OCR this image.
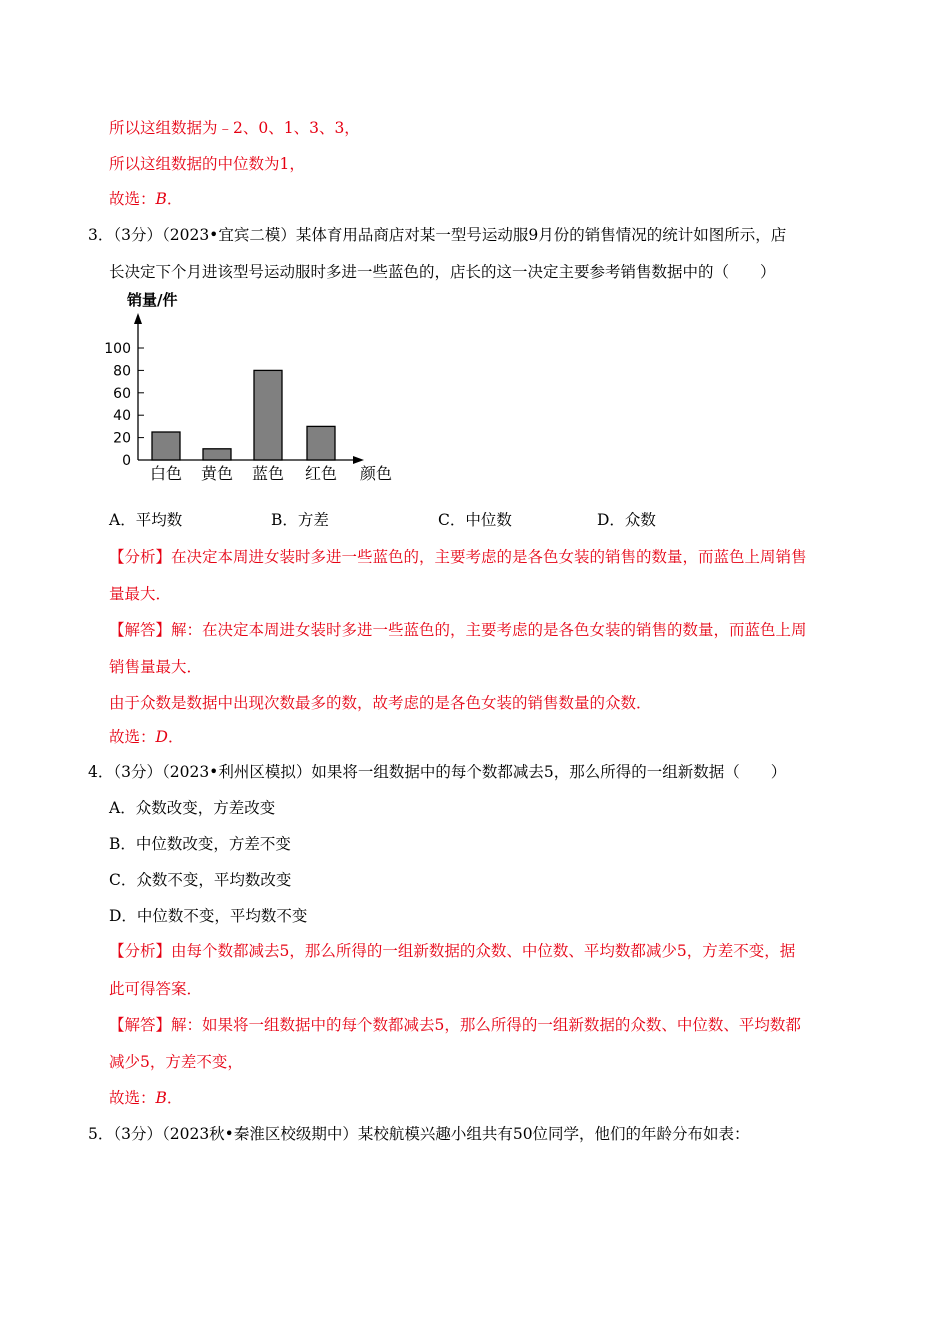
所以这组数据为﹣2、0、1、3、3，
所以这组数据的中位数为1，
故选：B．
3．（3分）（2023•宜宾二模）某体育用品商店对某一型号运动服9月份的销售情况的统计如图所示，店
长决定下个月进该型号运动服时多进一些蓝色的，店长的这一决定主要参考销售数据中的（　　）
销量/件
0
20
40
60
80
100
白色 黄色 蓝色 红色 颜色
A．平均数	B．方差	C．中位数	D．众数
【分析】在决定本周进女装时多进一些蓝色的，主要考虑的是各色女装的销售的数量，而蓝色上周销售
量最大．
【解答】解：在决定本周进女装时多进一些蓝色的，主要考虑的是各色女装的销售的数量，而蓝色上周
销售量最大．
由于众数是数据中出现次数最多的数，故考虑的是各色女装的销售数量的众数．
故选：D．
4．（3分）（2023•利州区模拟）如果将一组数据中的每个数都减去5，那么所得的一组新数据（　　）
A．众数改变，方差改变
B．中位数改变，方差不变
C．众数不变，平均数改变
D．中位数不变，平均数不变
【分析】由每个数都减去5，那么所得的一组新数据的众数、中位数、平均数都减少5，方差不变，据
此可得答案．
【解答】解：如果将一组数据中的每个数都减去5，那么所得的一组新数据的众数、中位数、平均数都
减少5，方差不变，
故选：B．
5．（3分）（2023秋•秦淮区校级期中）某校航模兴趣小组共有50位同学，他们的年龄分布如表：
